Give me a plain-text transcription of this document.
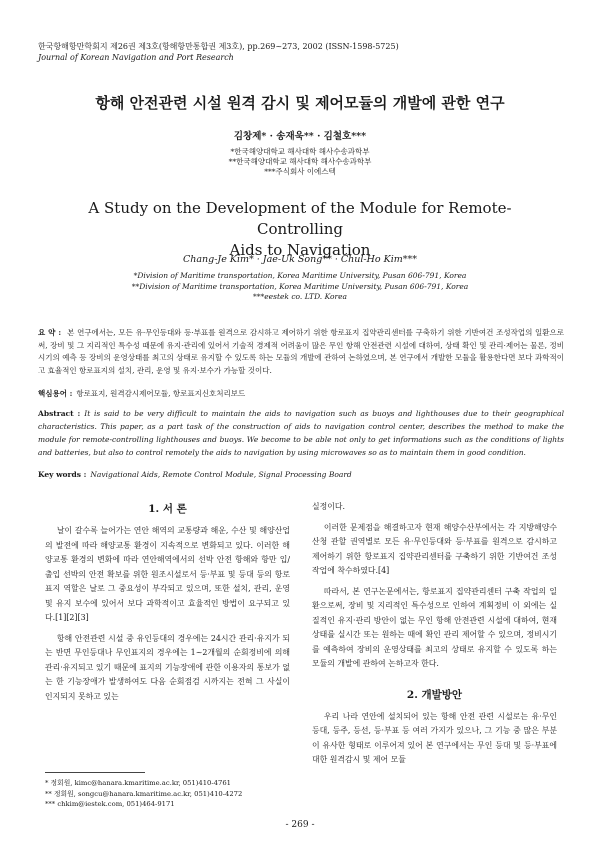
한국항해항만학회지 제26권 제3호(항해항만통합권 제3호), pp.269~273, 2002 (ISSN-1598-5725)
Journal of Korean Navigation and Port Research
항해 안전관련 시설 원격 감시 및 제어모듈의 개발에 관한 연구
김창제* · 송재욱** · 김철호***
*한국해양대학교 해사대학 해사수송과학부
**한국해양대학교 해사대학 해사수송과학부
***주식회사 이에스텍
A Study on the Development of the Module for Remote-Controlling
Aids to Navigation
Chang-Je Kim* · Jae-Uk Song** · Chul-Ho Kim***
*Division of Maritime transportation, Korea Maritime University, Pusan 606-791, Korea
**Division of Maritime transportation, Korea Maritime University, Pusan 606-791, Korea
***eestek co. LTD. Korea
요 약 : 본 연구에서는, 모든 유·무인등대와 등·부표를 원격으로 감시하고 제어하기 위한 항로표지 집약관리센터를 구축하기 위한 기반여건 조성작업의 일환으로써, 장비 및 그 지리적인 특수성 때문에 유지·관리에 있어서 기술적 경제적 어려움이 많은 무인 항해 안전관련 시설에 대하여, 상태 확인 및 관리·제어는 물론, 정비시기의 예측 등 장비의 운영상태를 최고의 상태로 유지할 수 있도록 하는 모듈의 개발에 관하여 논하였으며, 본 연구에서 개발한 모듈을 활용한다면 보다 과학적이고 효율적인 항로표지의 설치, 관리, 운영 및 유지·보수가 가능할 것이다.
핵심용어 : 항로표지, 원격감시제어모듈, 항로표지신호처리보드
Abstract : It is said to be very difficult to maintain the aids to navigation such as buoys and lighthouses due to their geographical characteristics. This paper, as a part task of the construction of aids to navigation control center, describes the method to make the module for remote-controlling lighthouses and buoys. We become to be able not only to get informations such as the conditions of lights and batteries, but also to control remotely the aids to navigation by using microwaves so as to maintain them in good condition.
Key words : Navigational Aids, Remote Control Module, Signal Processing Board
1. 서 론

날이 갈수록 늘어가는 연안 해역의 교통량과 해운, 수산 및 해양산업의 발전에 따라 해양교통 환경이 지속적으로 변화되고 있다. 이러한 해양교통 환경의 변화에 따라 연안해역에서의 선박 안전 항해와 항만 입/출입 선박의 안전 확보를 위한 원조시설로서 등·부표 및 등대 등의 항로표지 역할은 날로 그 중요성이 부각되고 있으며, 또한 설치, 관리, 운영 및 유지 보수에 있어서 보다 과학적이고 효율적인 방법이 요구되고 있다.[1][2][3]

항해 안전관련 시설 중 유인등대의 경우에는 24시간 관리·유지가 되는 반면 무인등대나 무인표지의 경우에는 1~2개월의 순회정비에 의해 관리·유지되고 있기 때문에 표지의 기능장애에 관한 이용자의 통보가 없는 한 기능장애가 발생하여도 다음 순회점검 시까지는 전혀 그 사실이 인지되지 못하고 있는

실정이다.

이러한 문제점을 해결하고자 현재 해양수산부에서는 각 지방해양수산청 관할 권역별로 모든 유·무인등대와 등·부표를 원격으로 감시하고 제어하기 위한 항로표지 집약관리센터를 구축하기 위한 기반여건 조성작업에 착수하였다.[4]

따라서, 본 연구논문에서는, 항로표지 집약관리센터 구축 작업의 일환으로써, 장비 및 지리적인 특수성으로 인하여 계획정비 이 외에는 실질적인 유지·관리 방안이 없는 무인 항해 안전관련 시설에 대하여, 현재 상태를 실시간 또는 원하는 때에 확인 관리 제어할 수 있으며, 정비시기를 예측하여 장비의 운영상태를 최고의 상태로 유지할 수 있도록 하는 모듈의 개발에 관하여 논하고자 한다.

2. 개발방안

우리 나라 연안에 설치되어 있는 항해 안전 관련 시설로는 유·무인 등대, 등주, 등선, 등·부표 등 여러 가지가 있으나, 그 기능 중 많은 부분이 유사한 형태로 이루어져 있어 본 연구에서는 무인 등대 및 등·부표에 대한 원격감시 및 제어 모듈

* 정회원, kimc@hanara.kmaritime.ac.kr, 051)410-4761
** 정회원, songcu@hanara.kmaritime.ac.kr, 051)410-4272
*** chkim@iestek.com, 051)464-9171
- 269 -
